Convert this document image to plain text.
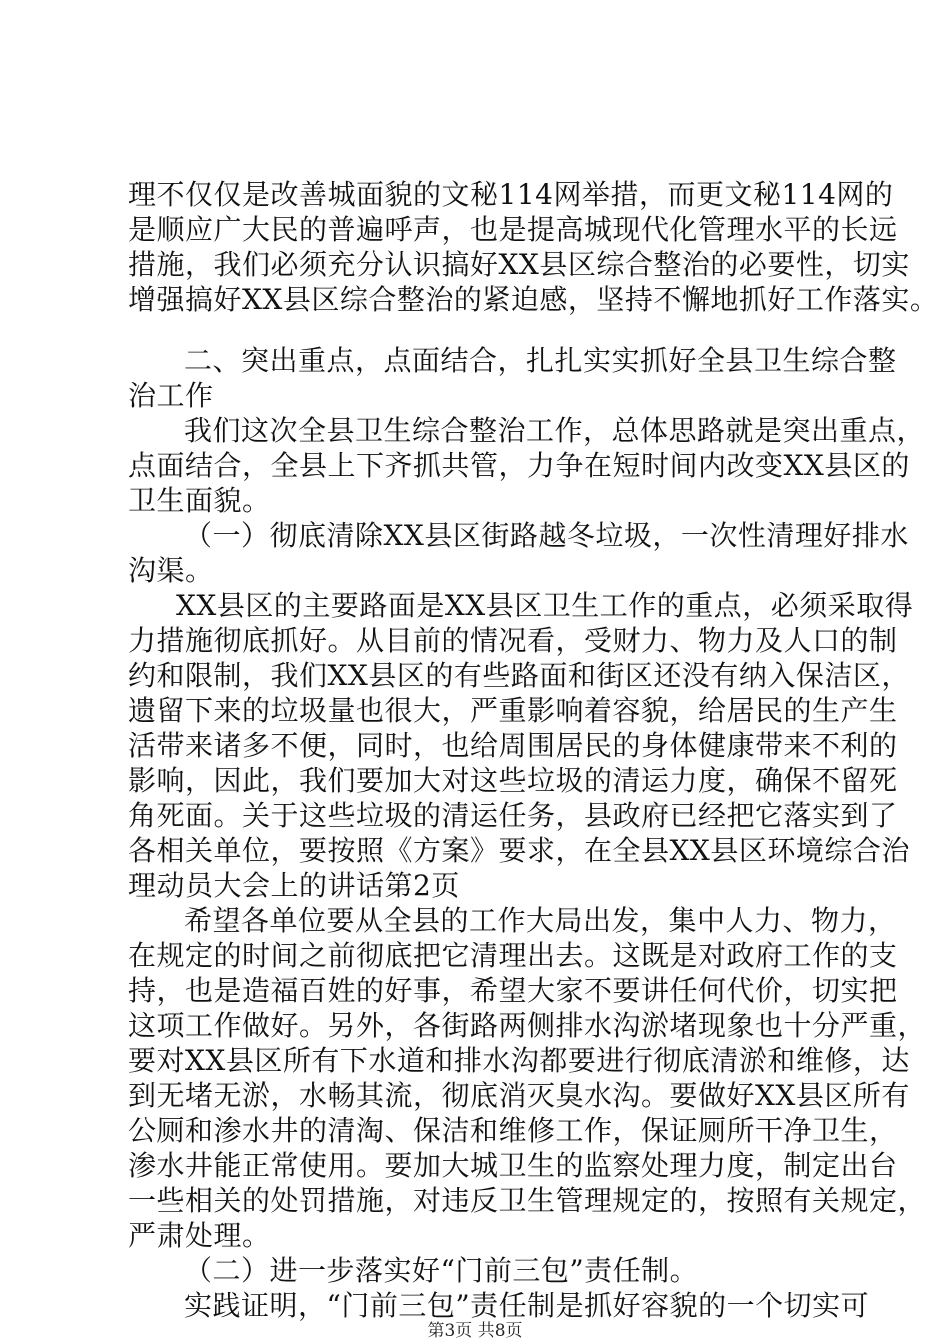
理不仅仅是改善城面貌的文秘114网举措，而更文秘114网的
是顺应广大民的普遍呼声，也是提高城现代化管理水平的长远
措施，我们必须充分认识搞好XX县区综合整治的必要性，切实
增强搞好XX县区综合整治的紧迫感，坚持不懈地抓好工作落实。
二、突出重点，点面结合，扎扎实实抓好全县卫生综合整
治工作
我们这次全县卫生综合整治工作，总体思路就是突出重点，
点面结合，全县上下齐抓共管，力争在短时间内改变XX县区的
卫生面貌。
（一）彻底清除XX县区街路越冬垃圾，一次性清理好排水
沟渠。
XX县区的主要路面是XX县区卫生工作的重点，必须采取得
力措施彻底抓好。从目前的情况看，受财力、物力及人口的制
约和限制，我们XX县区的有些路面和街区还没有纳入保洁区，
遗留下来的垃圾量也很大，严重影响着容貌，给居民的生产生
活带来诸多不便，同时，也给周围居民的身体健康带来不利的
影响，因此，我们要加大对这些垃圾的清运力度，确保不留死
角死面。关于这些垃圾的清运任务，县政府已经把它落实到了
各相关单位，要按照《方案》要求，在全县XX县区环境综合治
理动员大会上的讲话第2页
希望各单位要从全县的工作大局出发，集中人力、物力，
在规定的时间之前彻底把它清理出去。这既是对政府工作的支
持，也是造福百姓的好事，希望大家不要讲任何代价，切实把
这项工作做好。另外，各街路两侧排水沟淤堵现象也十分严重，
要对XX县区所有下水道和排水沟都要进行彻底清淤和维修，达
到无堵无淤，水畅其流，彻底消灭臭水沟。要做好XX县区所有
公厕和渗水井的清淘、保洁和维修工作，保证厕所干净卫生，
渗水井能正常使用。要加大城卫生的监察处理力度，制定出台
一些相关的处罚措施，对违反卫生管理规定的，按照有关规定，
严肃处理。
（二）进一步落实好“门前三包”责任制。
实践证明，“门前三包”责任制是抓好容貌的一个切实可
第3页 共8页
